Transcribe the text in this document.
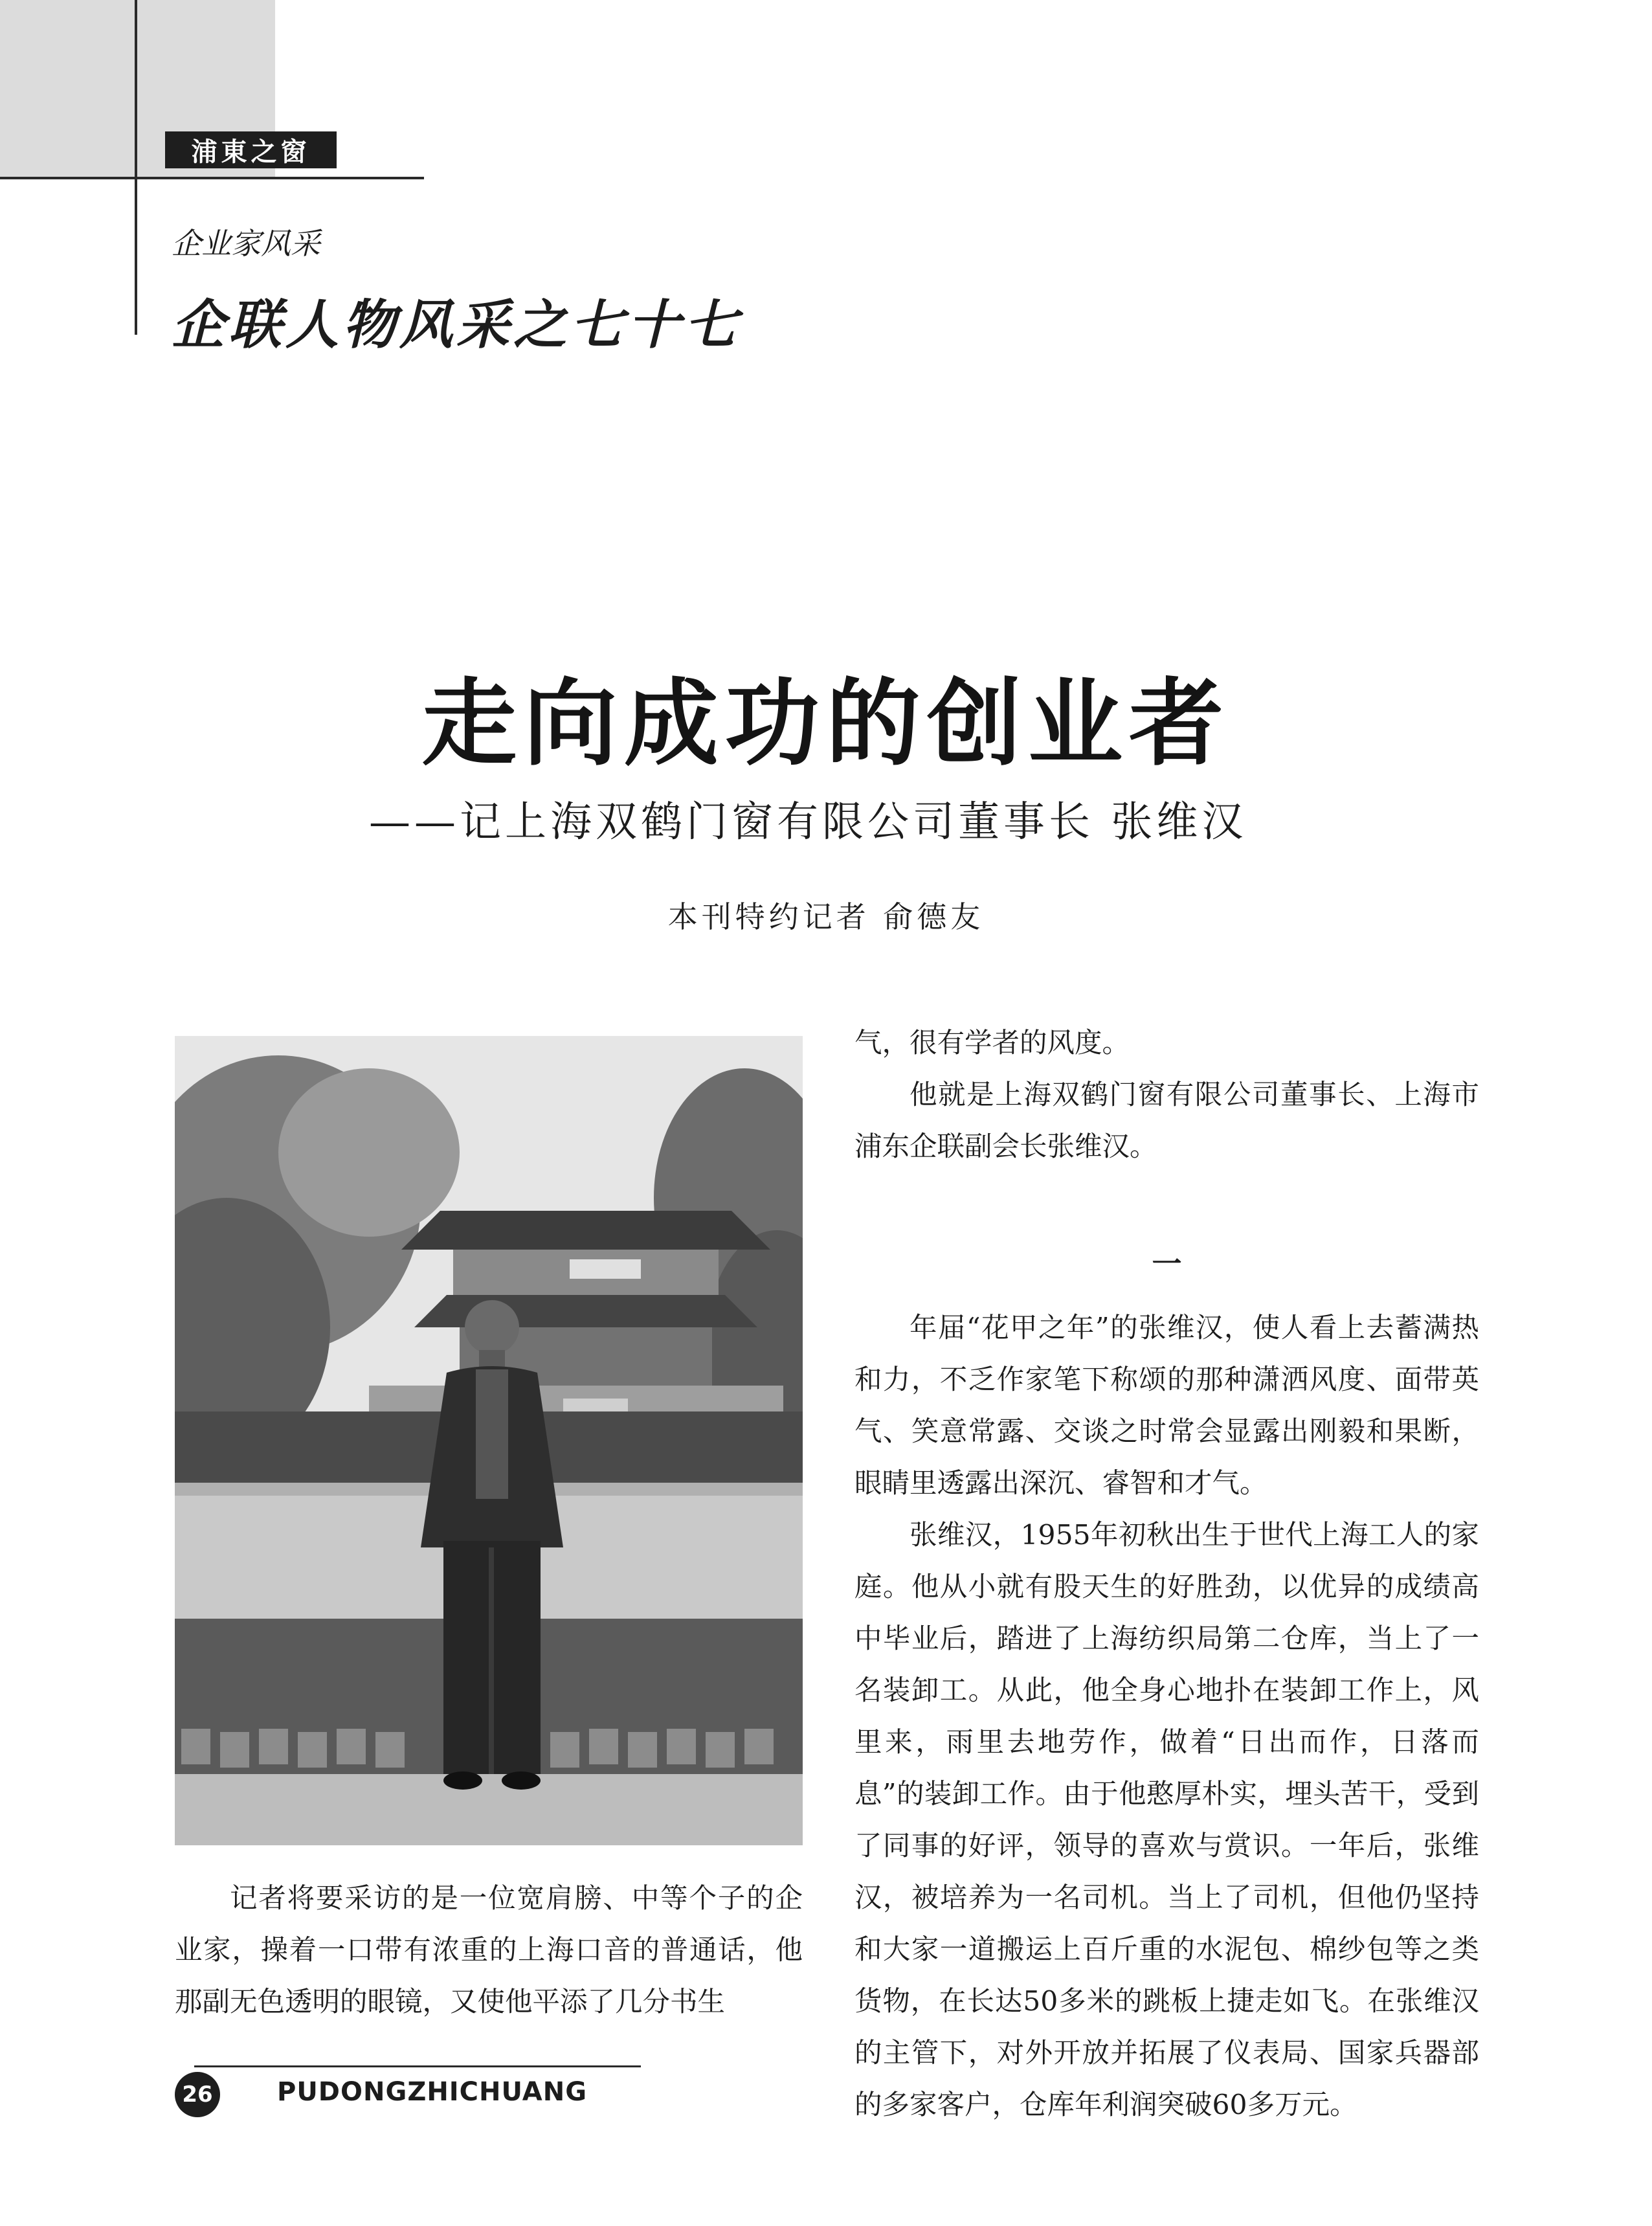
浦東之窗
企业家风采
企联人物风采之七十七
走向成功的创业者
——记上海双鹤门窗有限公司董事长 张维汉
本刊特约记者 俞德友

记者将要采访的是一位宽肩膀、中等个子的企业家，操着一口带有浓重的上海口音的普通话，他那副无色透明的眼镜，又使他平添了几分书生

气，很有学者的风度。

他就是上海双鹤门窗有限公司董事长、上海市浦东企联副会长张维汉。

一

年届“花甲之年”的张维汉，使人看上去蓄满热和力，不乏作家笔下称颂的那种潇洒风度、面带英气、笑意常露、交谈之时常会显露出刚毅和果断，眼睛里透露出深沉、睿智和才气。

张维汉，1955年初秋出生于世代上海工人的家庭。他从小就有股天生的好胜劲，以优异的成绩高中毕业后，踏进了上海纺织局第二仓库，当上了一名装卸工。从此，他全身心地扑在装卸工作上，风里来，雨里去地劳作，做着“日出而作，日落而息”的装卸工作。由于他憨厚朴实，埋头苦干，受到了同事的好评，领导的喜欢与赏识。一年后，张维汉，被培养为一名司机。当上了司机，但他仍坚持和大家一道搬运上百斤重的水泥包、棉纱包等之类货物，在长达50多米的跳板上捷走如飞。在张维汉的主管下，对外开放并拓展了仪表局、国家兵器部的多家客户，仓库年利润突破60多万元。

26 PUDONGZHICHUANG
